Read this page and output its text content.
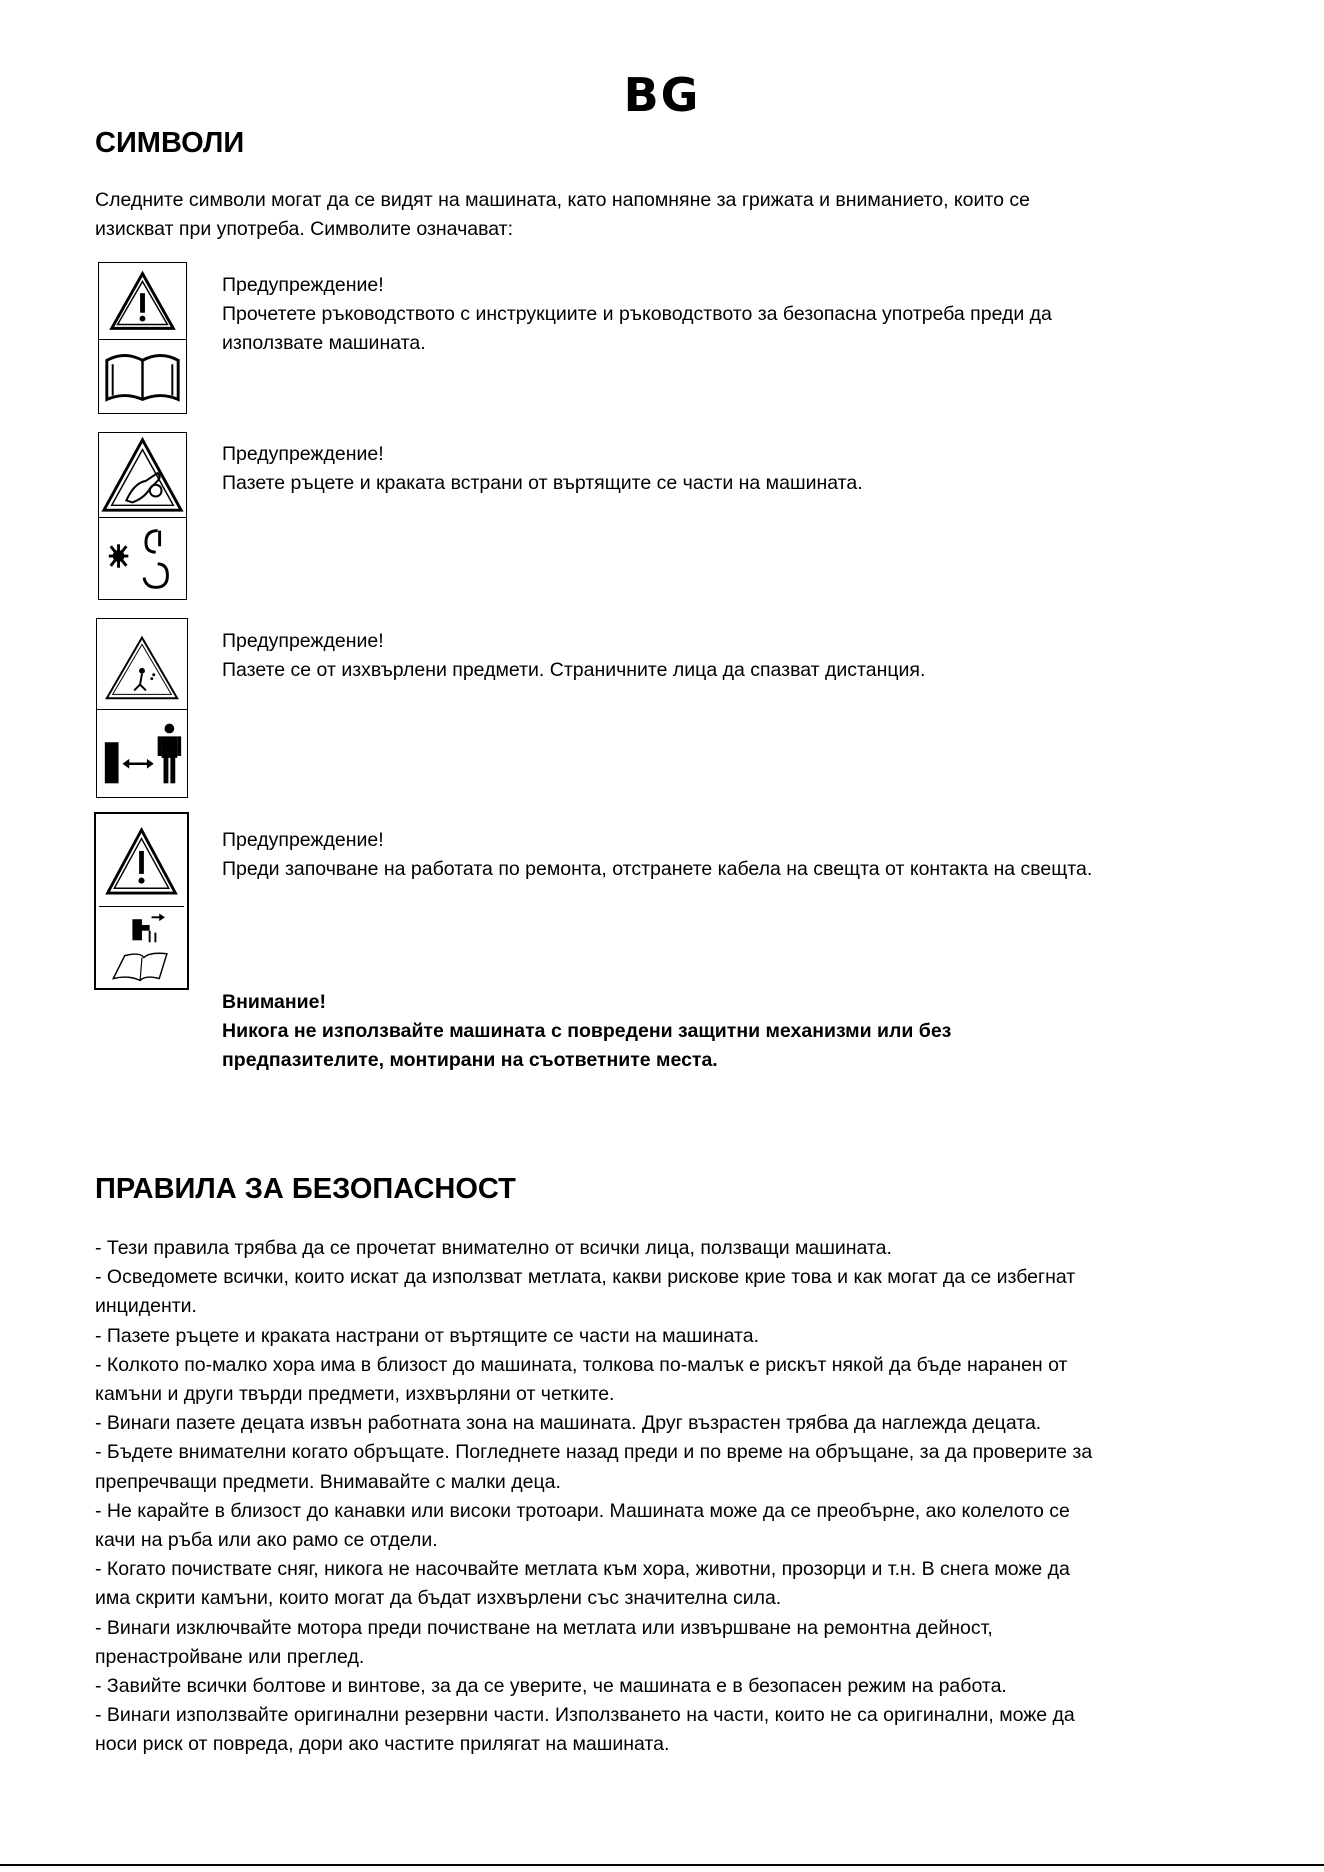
BG
СИМВОЛИ
Следните символи могат да се видят на машината, като напомняне за грижата и вниманието, които се
изискват при употреба. Символите означават:
Предупреждение!
Прочетете ръководството с инструкциите и ръководството за безопасна употреба преди да
използвате машината.
Предупреждение!
Пазете ръцете и краката встрани от въртящите се части на машината.
Предупреждение!
Пазете се от изхвърлени предмети. Страничните лица да спазват дистанция.
Предупреждение!
Преди започване на работата по ремонта, отстранете кабела на свещта от контакта на свещта.
Внимание!
Никога не използвайте машината с повредени защитни механизми или без
предпазителите, монтирани на съответните места.
ПРАВИЛА ЗА БЕЗОПАСНОСТ
- Тези правила трябва да се прочетат внимателно от всички лица, ползващи машината.
- Осведомете всички, които искат да използват метлата, какви рискове крие това и как могат да се избегнат
инциденти.
- Пазете ръцете и краката настрани от въртящите се части на машината.
- Колкото по-малко хора има в близост до машината, толкова по-малък е рискът някой да бъде наранен от
камъни и други твърди предмети, изхвърляни от четките.
- Винаги пазете децата извън работната зона на машината. Друг възрастен трябва да наглежда децата.
- Бъдете внимателни когато обръщате. Погледнете назад преди и по време на обръщане, за да проверите за
препречващи предмети. Внимавайте с малки деца.
- Не карайте в близост до канавки или високи тротоари. Машината може да се преобърне, ако колелото се
качи на ръба или ако рамо се отдели.
- Когато почиствате сняг, никога не насочвайте метлата към хора, животни, прозорци и т.н. В снега може да
има скрити камъни, които могат да бъдат изхвърлени със значителна сила.
- Винаги изключвайте мотора преди почистване на метлата или извършване на ремонтна дейност,
пренастройване или преглед.
- Завийте всички болтове и винтове, за да се уверите, че машината е в безопасен режим на работа.
- Винаги използвайте оригинални резервни части. Използването на части, които не са оригинални, може да
носи риск от повреда, дори ако частите прилягат на машината.
